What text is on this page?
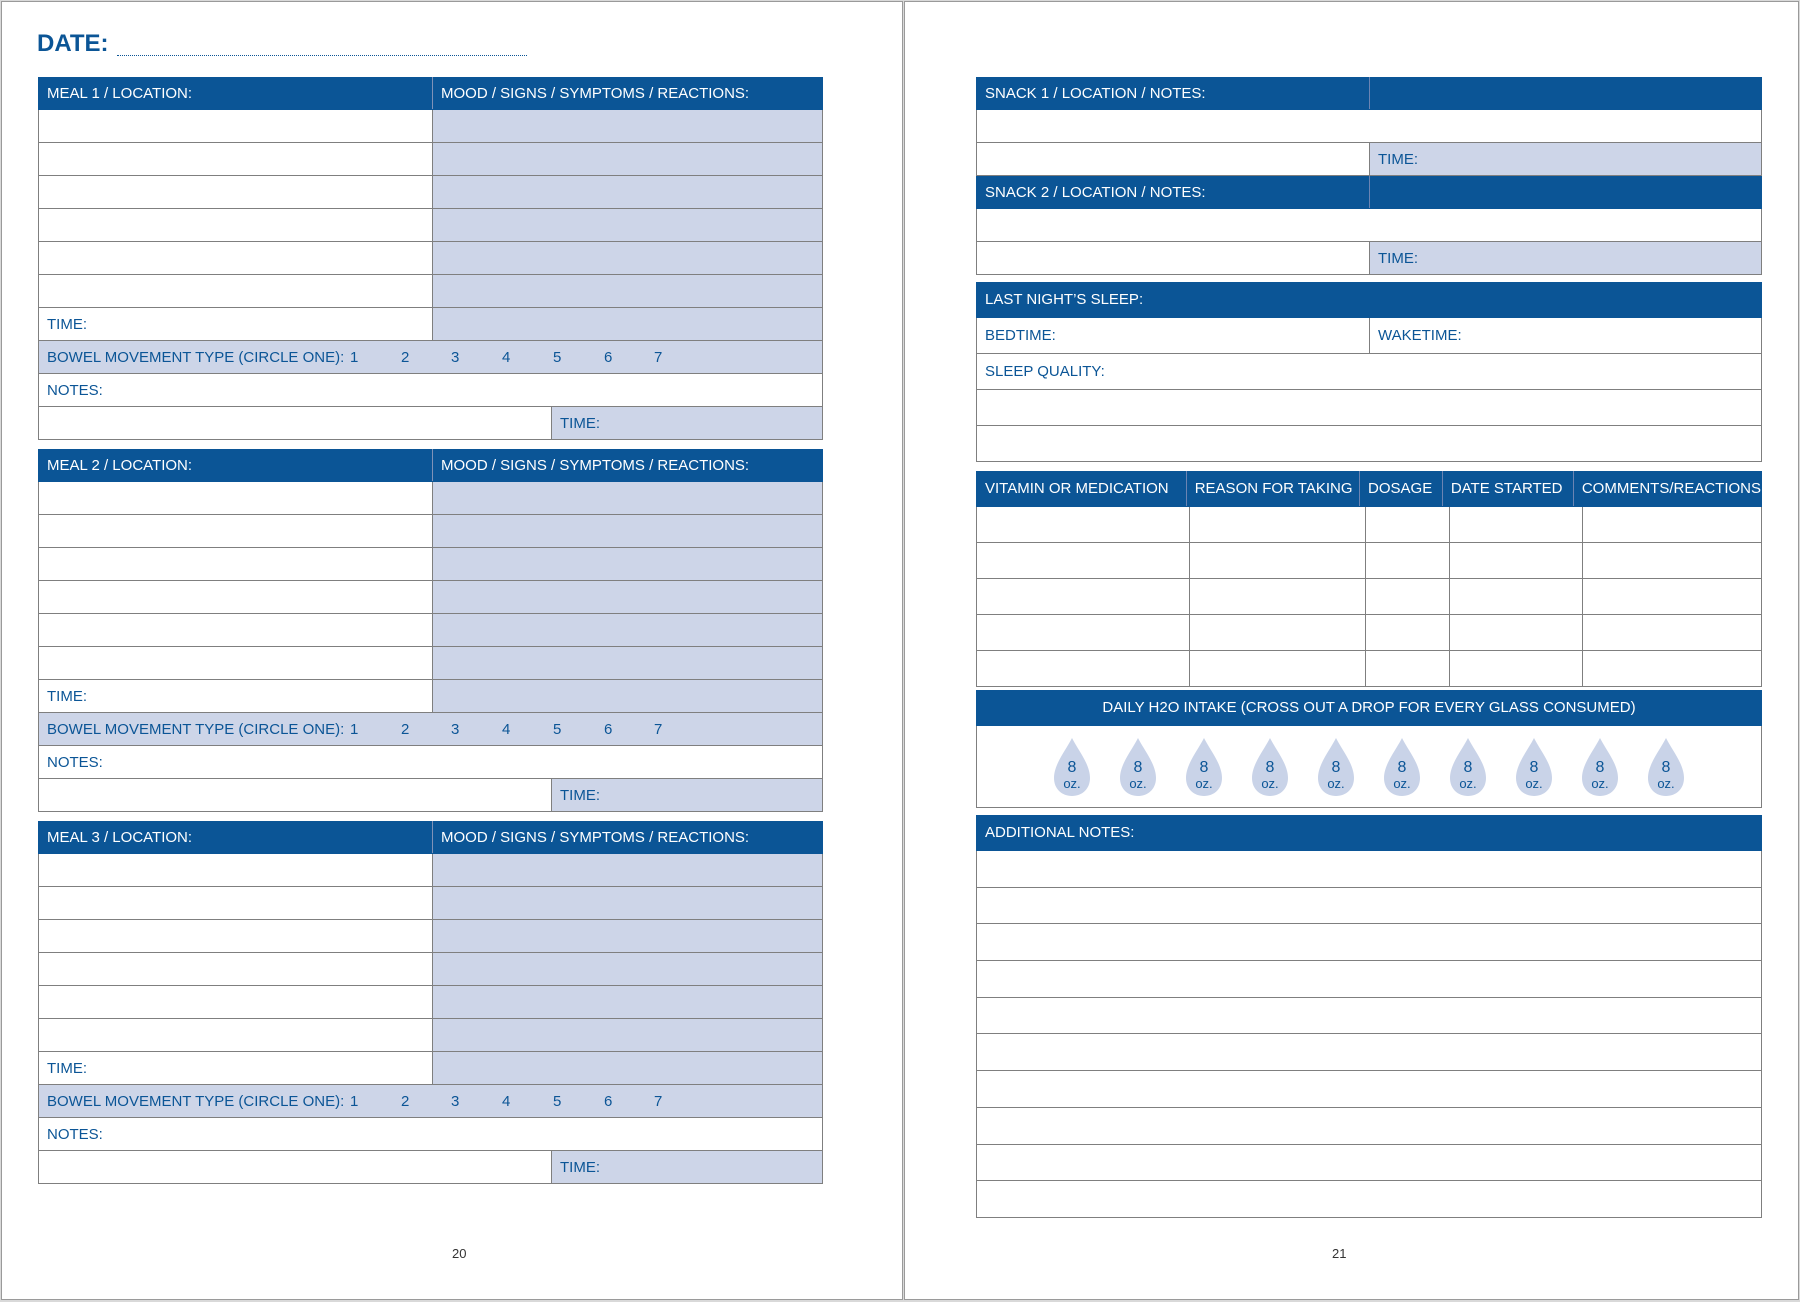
DATE:
MEAL 1 / LOCATION:	MOOD / SIGNS / SYMPTOMS / REACTIONS:
TIME:
BOWEL MOVEMENT TYPE (CIRCLE ONE): 1	2	3	4	5	6	7
NOTES:
TIME:
MEAL 2 / LOCATION:	MOOD / SIGNS / SYMPTOMS / REACTIONS:
TIME:
BOWEL MOVEMENT TYPE (CIRCLE ONE): 1	2	3	4	5	6	7
NOTES:
TIME:
MEAL 3 / LOCATION:	MOOD / SIGNS / SYMPTOMS / REACTIONS:
TIME:
BOWEL MOVEMENT TYPE (CIRCLE ONE): 1	2	3	4	5	6	7
NOTES:
TIME:
SNACK 1 / LOCATION / NOTES:
TIME:
SNACK 2 / LOCATION / NOTES:
TIME:
LAST NIGHT’S SLEEP:
BEDTIME:	WAKETIME:
SLEEP QUALITY:
VITAMIN OR MEDICATION	REASON FOR TAKING	DOSAGE	DATE STARTED	COMMENTS/REACTIONS
DAILY H2O INTAKE (CROSS OUT A DROP FOR EVERY GLASS CONSUMED)
8
oz.
8
oz.
8
oz.
8
oz.
8
oz.
8
oz.
8
oz.
8
oz.
8
oz.
8
oz.
ADDITIONAL NOTES:
20	21
